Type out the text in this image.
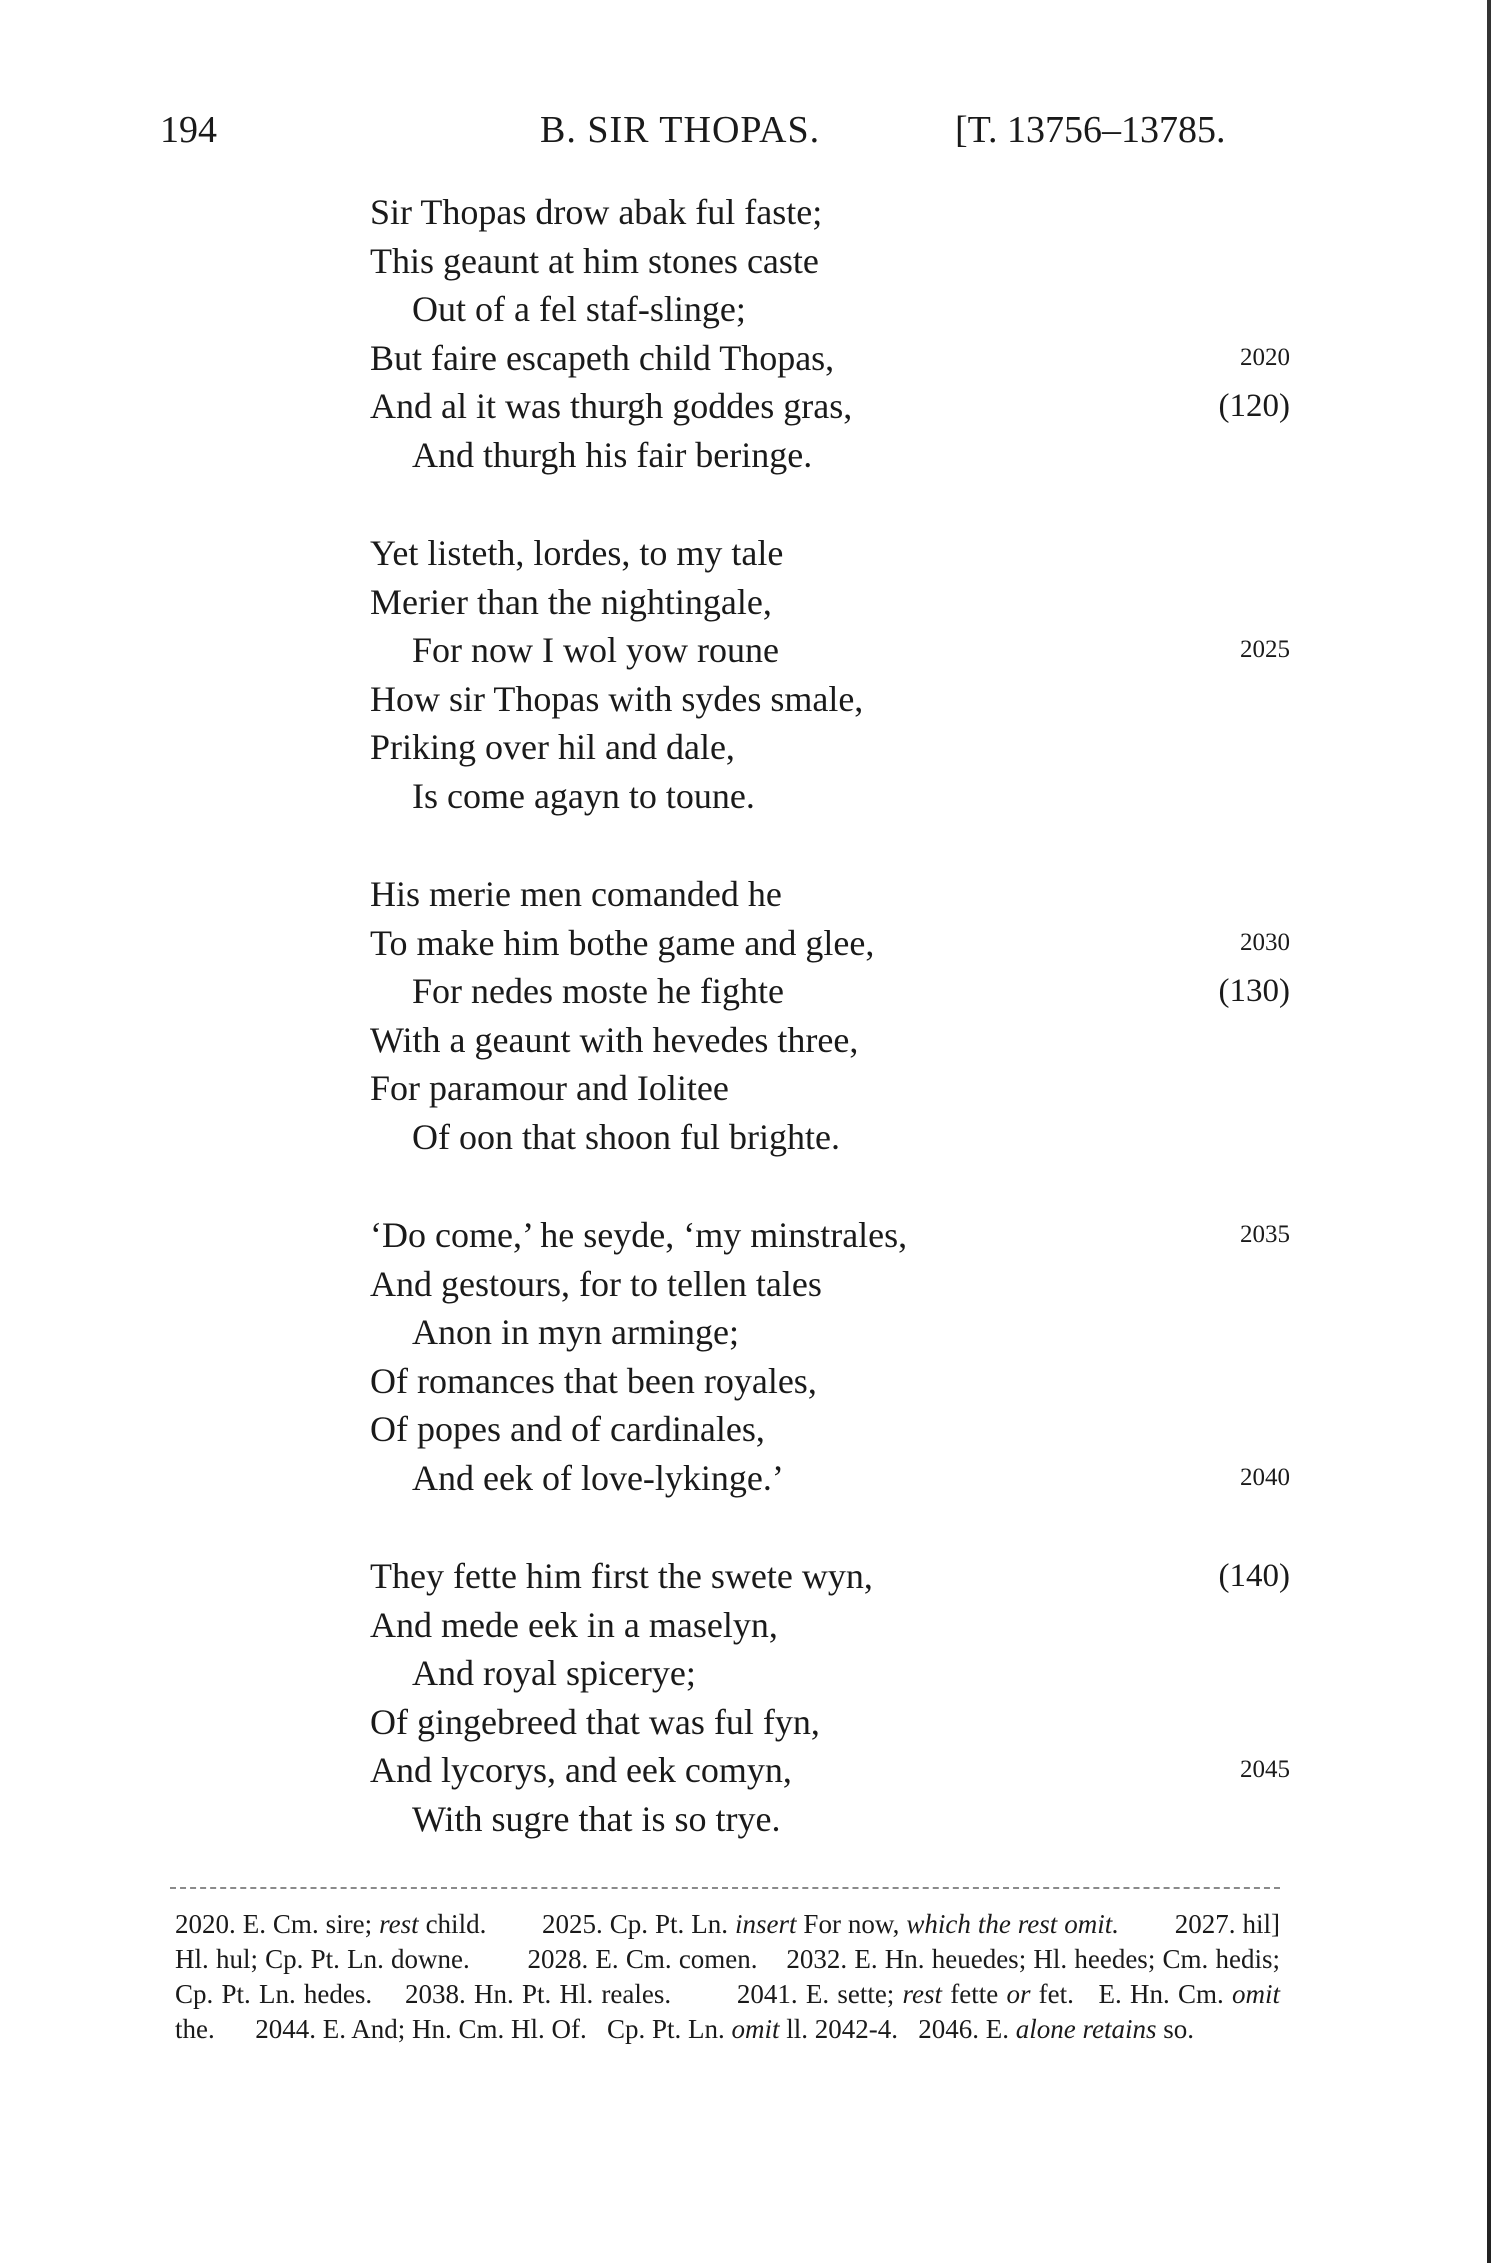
194	B. SIR THOPAS.	[T. 13756–13785.
Sir Thopas drow abak ful faste;
This geaunt at him stones caste
Out of a fel staf-slinge;
But faire escapeth child Thopas,	2020
And al it was thurgh goddes gras,	(120)
And thurgh his fair beringe.
Yet listeth, lordes, to my tale
Merier than the nightingale,
For now I wol yow roune	2025
How sir Thopas with sydes smale,
Priking over hil and dale,
Is come agayn to toune.
His merie men comanded he
To make him bothe game and glee,	2030
For nedes moste he fighte	(130)
With a geaunt with hevedes three,
For paramour and Iolitee
Of oon that shoon ful brighte.
‘Do come,’ he seyde, ‘my minstrales,	2035
And gestours, for to tellen tales
Anon in myn arminge;
Of romances that been royales,
Of popes and of cardinales,
And eek of love-lykinge.’	2040
They fette him first the swete wyn,	(140)
And mede eek in a maselyn,
And royal spicerye;
Of gingebreed that was ful fyn,
And lycorys, and eek comyn,	2045
With sugre that is so trye.

2020. E. Cm. sire; rest child.        2025. Cp. Pt. Ln. insert For now, which the rest omit.        2027. hil] Hl. hul; Cp. Pt. Ln. downe.        2028. E. Cm. comen.    2032. E. Hn. heuedes; Hl. heedes; Cm. hedis; Cp. Pt. Ln. hedes.    2038. Hn. Pt. Hl. reales.        2041. E. sette; rest fette or fet.   E. Hn. Cm. omit the.      2044. E. And; Hn. Cm. Hl. Of.   Cp. Pt. Ln. omit ll. 2042-4.   2046. E. alone retains so.
